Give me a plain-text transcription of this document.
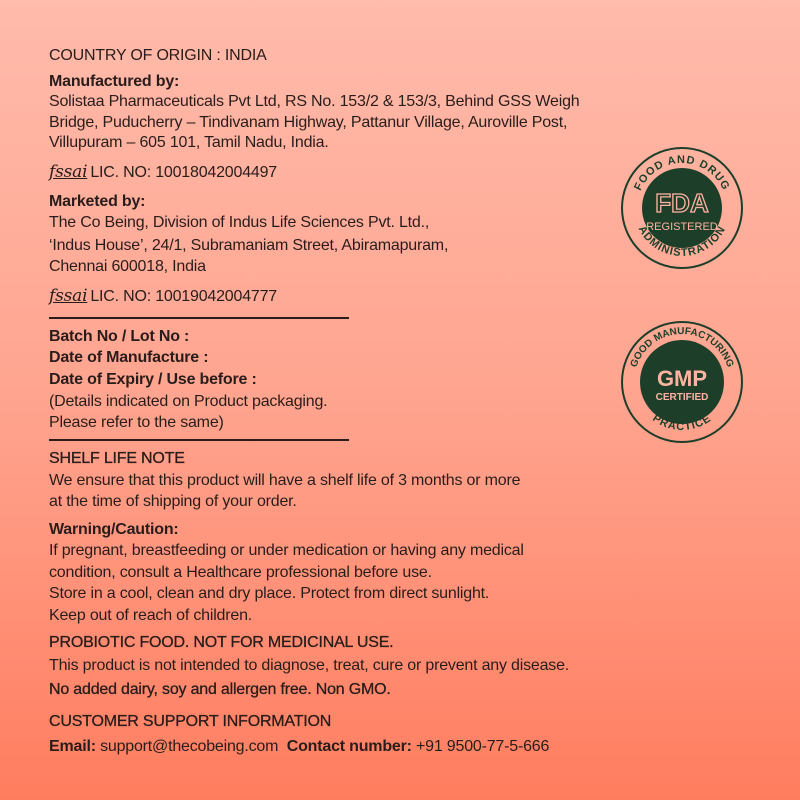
COUNTRY OF ORIGIN : INDIA
Manufactured by:
Solistaa Pharmaceuticals Pvt Ltd, RS No. 153/2 & 153/3, Behind GSS Weigh
Bridge, Puducherry – Tindivanam Highway, Pattanur Village, Auroville Post,
Villupuram – 605 101, Tamil Nadu, India.
fssai LIC. NO: 10018042004497
Marketed by:
The Co Being, Division of Indus Life Sciences Pvt. Ltd.,
‘Indus House’, 24/1, Subramaniam Street, Abiramapuram,
Chennai 600018, India
fssai LIC. NO: 10019042004777
Batch No / Lot No :
Date of Manufacture :
Date of Expiry / Use before :
(Details indicated on Product packaging.
Please refer to the same)
SHELF LIFE NOTE
We ensure that this product will have a shelf life of 3 months or more
at the time of shipping of your order.
Warning/Caution:
If pregnant, breastfeeding or under medication or having any medical
condition, consult a Healthcare professional before use.
Store in a cool, clean and dry place. Protect from direct sunlight.
Keep out of reach of children.
PROBIOTIC FOOD. NOT FOR MEDICINAL USE.
This product is not intended to diagnose, treat, cure or prevent any disease.
No added dairy, soy and allergen free. Non GMO.
CUSTOMER SUPPORT INFORMATION
Email: support@thecobeing.com Contact number: +91 9500-77-5-666
FOOD AND DRUG
ADMINISTRATION
FDA
REGISTERED
GOOD MANUFACTURING
PRACTICE
GMP
CERTIFIED
